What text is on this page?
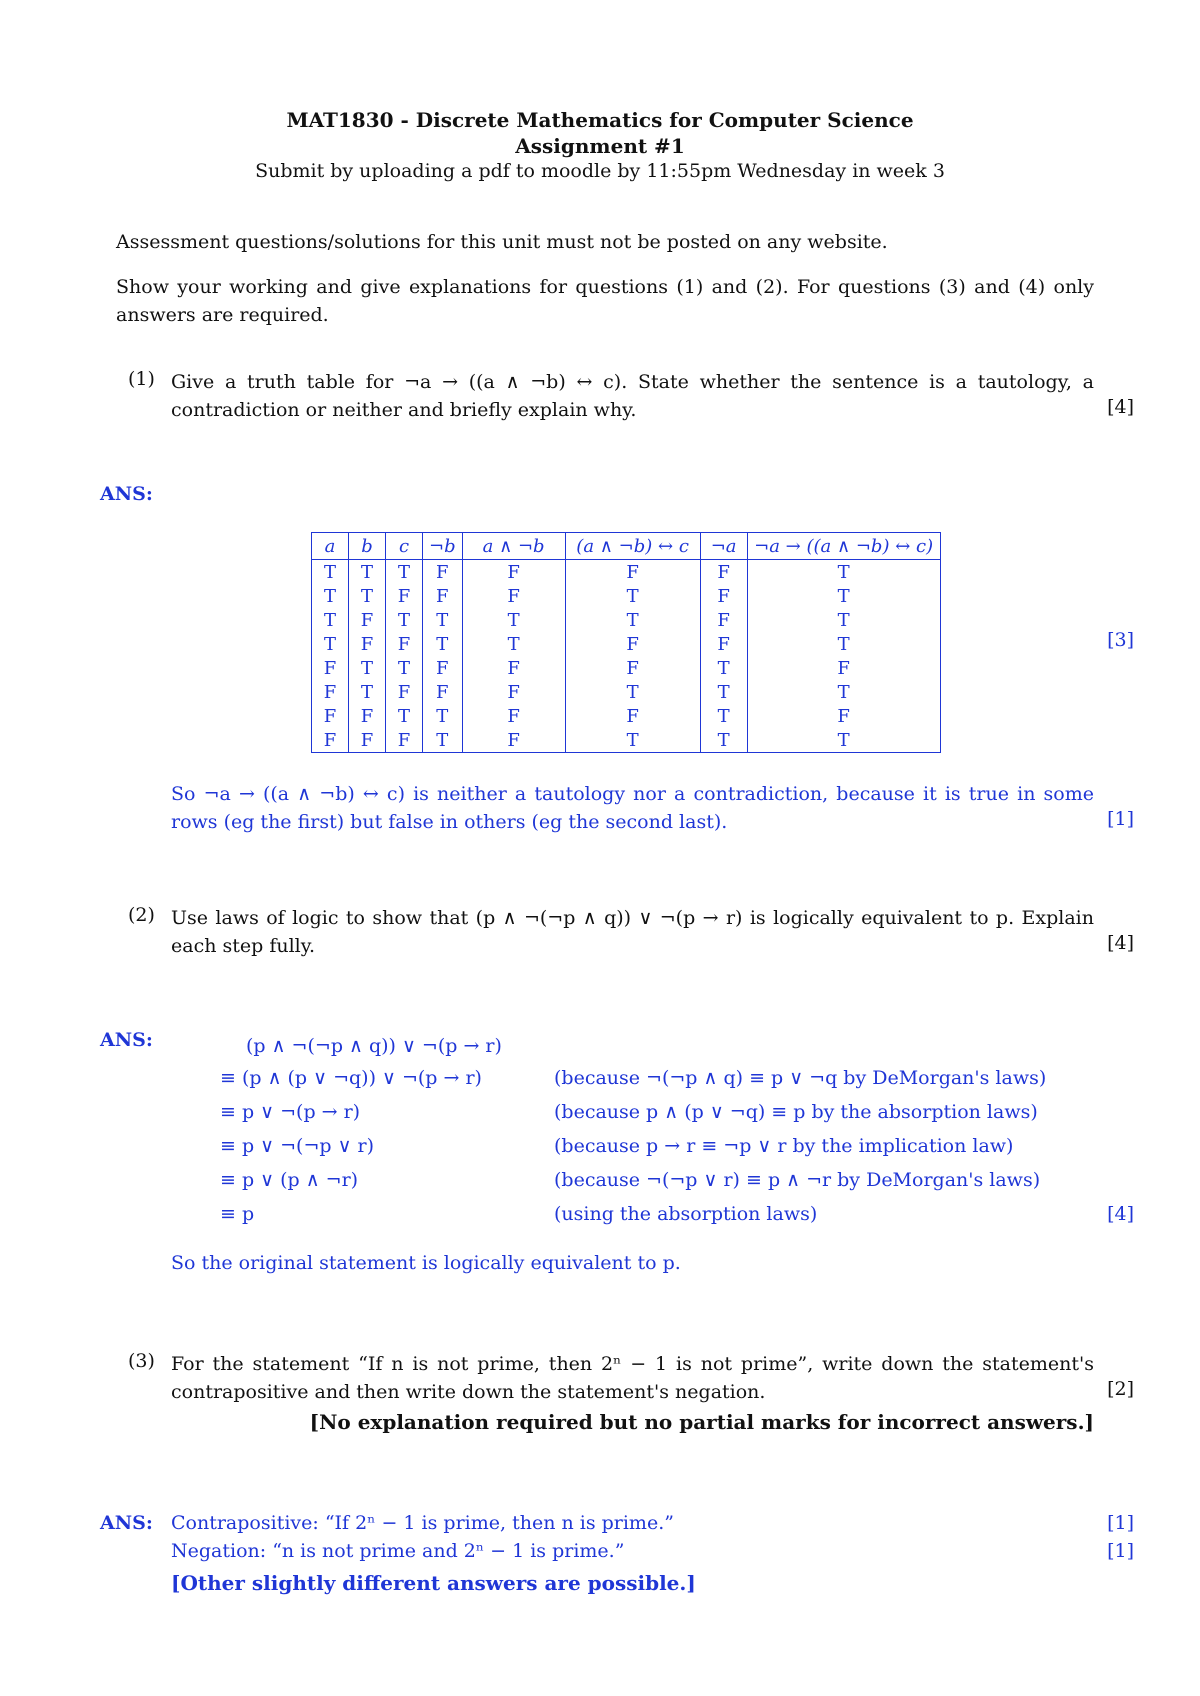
MAT1830 - Discrete Mathematics for Computer Science
Assignment #1
Submit by uploading a pdf to moodle by 11:55pm Wednesday in week 3
Assessment questions/solutions for this unit must not be posted on any website.
Show your working and give explanations for questions (1) and (2). For questions (3) and (4) only answers are required.
(1) Give a truth table for ¬a → ((a ∧ ¬b) ↔ c). State whether the sentence is a tautology, a contradiction or neither and briefly explain why.	[4]
ANS:
a	b	c	¬b	a ∧ ¬b	(a ∧ ¬b) ↔ c	¬a	¬a → ((a ∧ ¬b) ↔ c)
T	T	T	F	F	F	F	T
T	T	F	F	F	T	F	T
T	F	T	T	T	T	F	T
T	F	F	T	T	F	F	T
F	T	T	F	F	F	T	F
F	T	F	F	F	T	T	T
F	F	T	T	F	F	T	F
F	F	F	T	F	T	T	T
[3]
So ¬a → ((a ∧ ¬b) ↔ c) is neither a tautology nor a contradiction, because it is true in some rows (eg the first) but false in others (eg the second last).	[1]
(2) Use laws of logic to show that (p ∧ ¬(¬p ∧ q)) ∨ ¬(p → r) is logically equivalent to p. Explain each step fully.	[4]
ANS:	(p ∧ ¬(¬p ∧ q)) ∨ ¬(p → r)
≡ (p ∧ (p ∨ ¬q)) ∨ ¬(p → r)	(because ¬(¬p ∧ q) ≡ p ∨ ¬q by DeMorgan's laws)
≡ p ∨ ¬(p → r)	(because p ∧ (p ∨ ¬q) ≡ p by the absorption laws)
≡ p ∨ ¬(¬p ∨ r)	(because p → r ≡ ¬p ∨ r by the implication law)
≡ p ∨ (p ∧ ¬r)	(because ¬(¬p ∨ r) ≡ p ∧ ¬r by DeMorgan's laws)
≡ p	(using the absorption laws)	[4]
So the original statement is logically equivalent to p.
(3) For the statement “If n is not prime, then 2ⁿ − 1 is not prime”, write down the statement's contrapositive and then write down the statement's negation.	[2]
[No explanation required but no partial marks for incorrect answers.]
ANS: Contrapositive: “If 2ⁿ − 1 is prime, then n is prime.”	[1]
Negation: “n is not prime and 2ⁿ − 1 is prime.”	[1]
[Other slightly different answers are possible.]
